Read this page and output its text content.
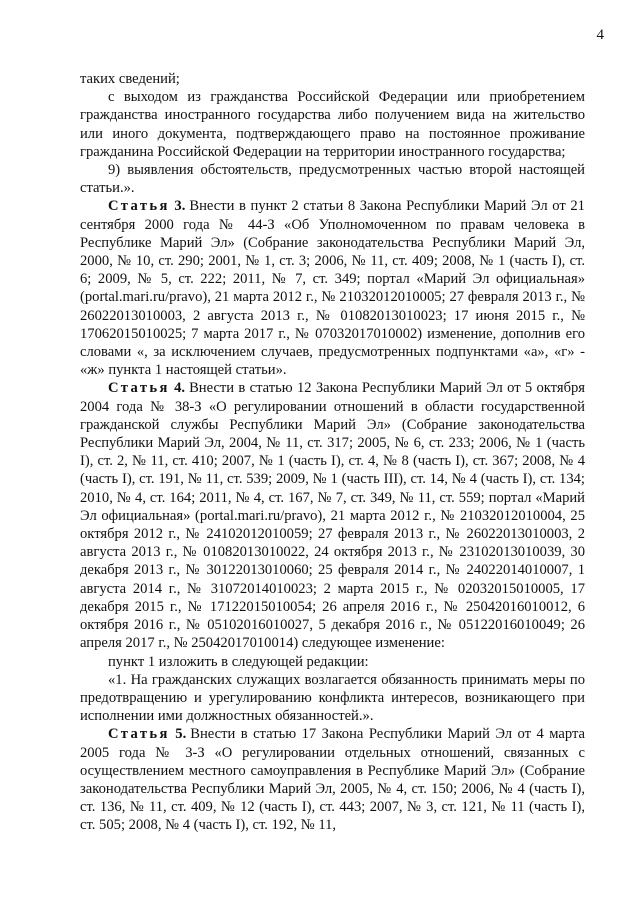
4

таких сведений;

с выходом из гражданства Российской Федерации или приобретением гражданства иностранного государства либо получением вида на жительство или иного документа, подтверждающего право на постоянное проживание гражданина Российской Федерации на территории иностранного государства;

9) выявления обстоятельств, предусмотренных частью второй настоящей статьи.».

Статья 3. Внести в пункт 2 статьи 8 Закона Республики Марий Эл от 21 сентября 2000 года № 44-З «Об Уполномоченном по правам человека в Республике Марий Эл» (Собрание законодательства Республики Марий Эл, 2000, № 10, ст. 290; 2001, № 1, ст. 3; 2006, № 11, ст. 409; 2008, № 1 (часть I), ст. 6; 2009, № 5, ст. 222; 2011, № 7, ст. 349; портал «Марий Эл официальная» (portal.mari.ru/pravo), 21 марта 2012 г., № 21032012010005; 27 февраля 2013 г., № 26022013010003, 2 августа 2013 г., № 01082013010023; 17 июня 2015 г., № 17062015010025; 7 марта 2017 г., № 07032017010002) изменение, дополнив его словами «, за исключением случаев, предусмотренных подпунктами «а», «г» - «ж» пункта 1 настоящей статьи».

Статья 4. Внести в статью 12 Закона Республики Марий Эл от 5 октября 2004 года № 38-З «О регулировании отношений в области государственной гражданской службы Республики Марий Эл» (Собрание законодательства Республики Марий Эл, 2004, № 11, ст. 317; 2005, № 6, ст. 233; 2006, № 1 (часть I), ст. 2, № 11, ст. 410; 2007, № 1 (часть I), ст. 4, № 8 (часть I), ст. 367; 2008, № 4 (часть I), ст. 191, № 11, ст. 539; 2009, № 1 (часть III), ст. 14, № 4 (часть I), ст. 134; 2010, № 4, ст. 164; 2011, № 4, ст. 167, № 7, ст. 349, № 11, ст. 559; портал «Марий Эл официальная» (portal.mari.ru/pravo), 21 марта 2012 г., № 21032012010004, 25 октября 2012 г., № 24102012010059; 27 февраля 2013 г., № 26022013010003, 2 августа 2013 г., № 01082013010022, 24 октября 2013 г., № 23102013010039, 30 декабря 2013 г., № 30122013010060; 25 февраля 2014 г., № 24022014010007, 1 августа 2014 г., № 31072014010023; 2 марта 2015 г., № 02032015010005, 17 декабря 2015 г., № 17122015010054; 26 апреля 2016 г., № 25042016010012, 6 октября 2016 г., № 05102016010027, 5 декабря 2016 г., № 05122016010049; 26 апреля 2017 г., № 25042017010014) следующее изменение:

пункт 1 изложить в следующей редакции:

«1. На гражданских служащих возлагается обязанность принимать меры по предотвращению и урегулированию конфликта интересов, возникающего при исполнении ими должностных обязанностей.».

Статья 5. Внести в статью 17 Закона Республики Марий Эл от 4 марта 2005 года № 3-З «О регулировании отдельных отношений, связанных с осуществлением местного самоуправления в Республике Марий Эл» (Собрание законодательства Республики Марий Эл, 2005, № 4, ст. 150; 2006, № 4 (часть I), ст. 136, № 11, ст. 409, № 12 (часть I), ст. 443; 2007, № 3, ст. 121, № 11 (часть I), ст. 505; 2008, № 4 (часть I), ст. 192, № 11,
